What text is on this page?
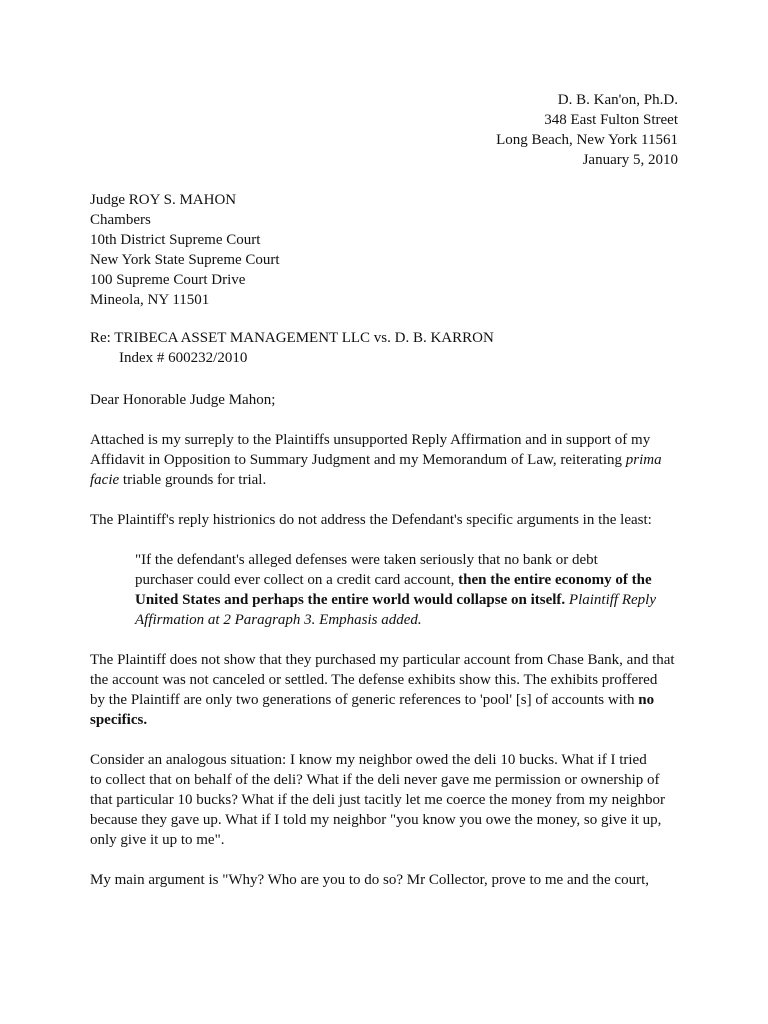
D. B. Kan'on, Ph.D.
348 East Fulton Street
Long Beach, New York 11561
January 5, 2010
Judge ROY S. MAHON
Chambers
10th District Supreme Court
New York State Supreme Court
100 Supreme Court Drive
Mineola, NY 11501
Re: TRIBECA ASSET MANAGEMENT LLC vs. D. B. KARRON
Index # 600232/2010
Dear Honorable Judge Mahon;
Attached is my surreply to the Plaintiffs unsupported Reply Affirmation and in support of my
Affidavit in Opposition to Summary Judgment and my Memorandum of Law, reiterating prima
facie triable grounds for trial.
The Plaintiff's reply histrionics do not address the Defendant's specific arguments in the least:
"If the defendant's alleged defenses were taken seriously that no bank or debt
purchaser could ever collect on a credit card account, then the entire economy of the
United States and perhaps the entire world would collapse on itself. Plaintiff Reply
Affirmation at 2 Paragraph 3. Emphasis added.
The Plaintiff does not show that they purchased my particular account from Chase Bank, and that
the account was not canceled or settled. The defense exhibits show this. The exhibits proffered
by the Plaintiff are only two generations of generic references to 'pool' [s] of accounts with no
specifics.
Consider an analogous situation: I know my neighbor owed the deli 10 bucks. What if I tried
to collect that on behalf of the deli? What if the deli never gave me permission or ownership of
that particular 10 bucks? What if the deli just tacitly let me coerce the money from my neighbor
because they gave up. What if I told my neighbor "you know you owe the money, so give it up,
only give it up to me".
My main argument is "Why? Who are you to do so? Mr Collector, prove to me and the court,
